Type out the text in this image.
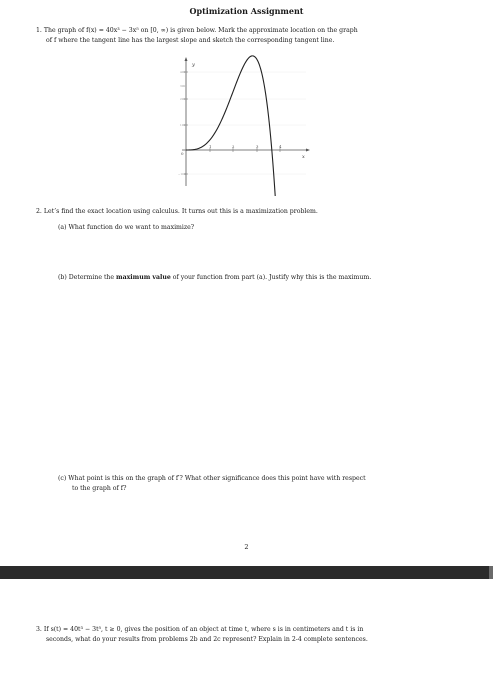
Optimization Assignment
1. The graph of f(x) = 40x³ − 3x⁵ on [0, ∞) is given below. Mark the approximate location on the graph
of f where the tangent line has the largest slope and sketch the corresponding tangent line.
y
x
0
1	2	3	4
400
300
200
100
−100
2. Let’s find the exact location using calculus. It turns out this is a maximization problem.
(a) What function do we want to maximize?
(b) Determine the maximum value of your function from part (a). Justify why this is the maximum.
(c) What point is this on the graph of f′? What other significance does this point have with respect
to the graph of f?
2
3. If s(t) = 40t³ − 3t⁵, t ≥ 0, gives the position of an object at time t, where s is in centimeters and t is in
seconds, what do your results from problems 2b and 2c represent? Explain in 2-4 complete sentences.
